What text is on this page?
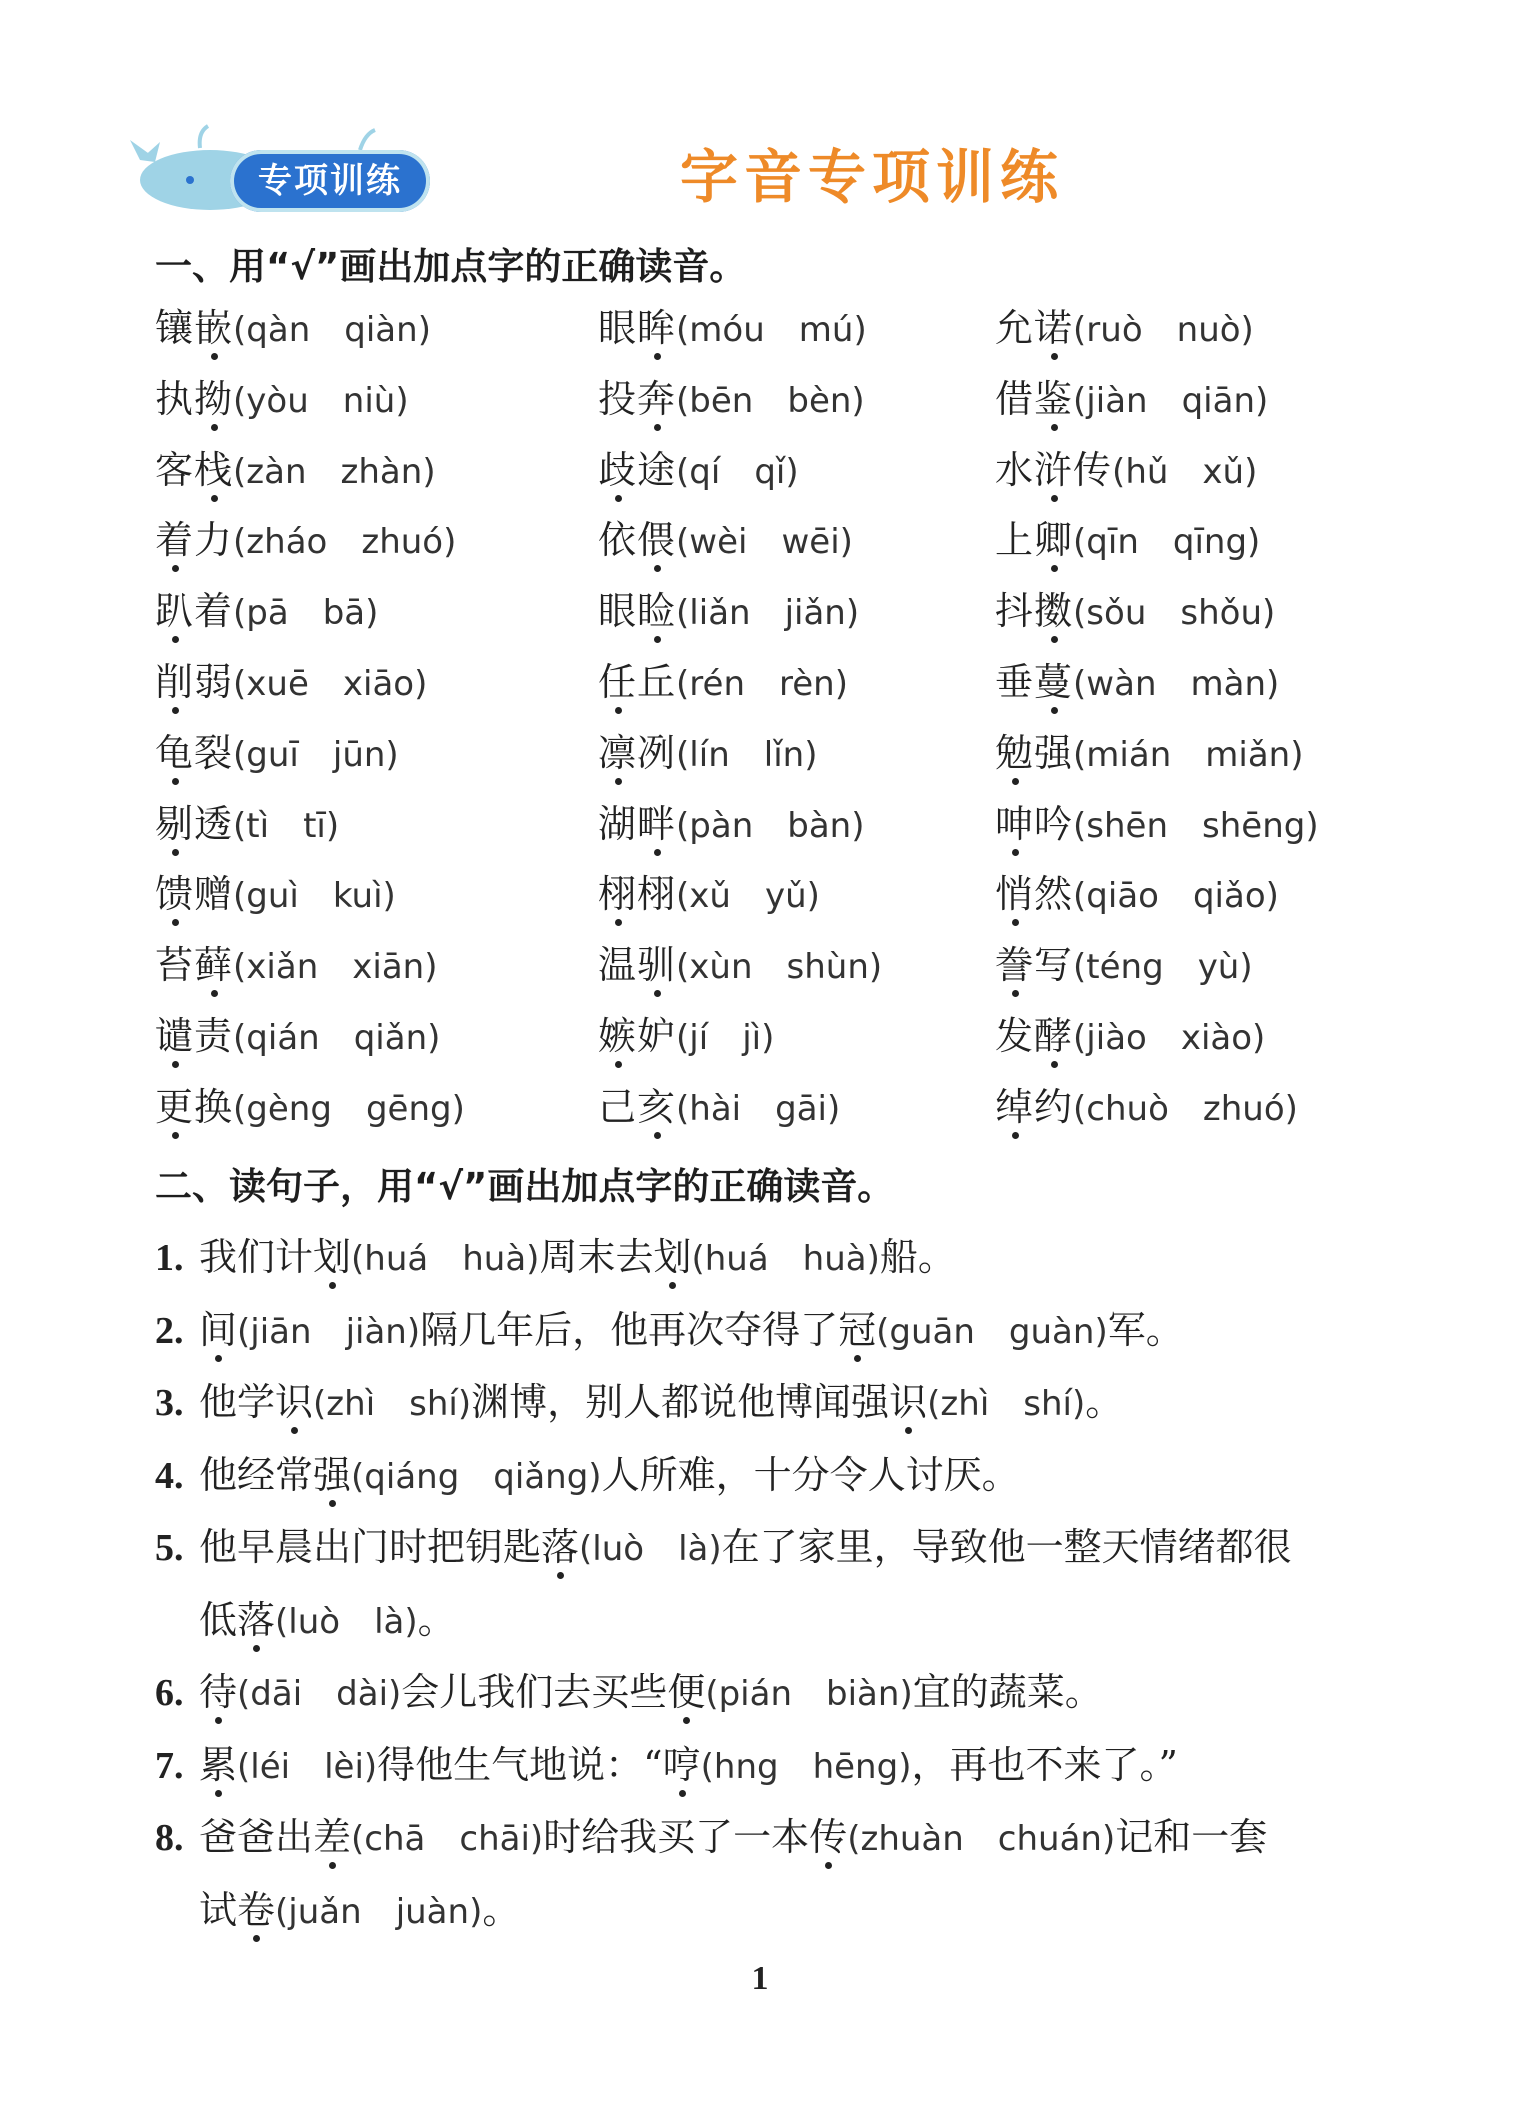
专项训练	字音专项训练
一、用“√”画出加点字的正确读音。
镶嵌(qàn qiàn)	眼眸(móu mú)	允诺(ruò nuò)
执拗(yòu niù)	投奔(bēn bèn)	借鉴(jiàn qiān)
客栈(zàn zhàn)	歧途(qí qǐ)	水浒传(hǔ xǔ)
着力(zháo zhuó)	依偎(wèi wēi)	上卿(qīn qīng)
趴着(pā bā)	眼睑(liǎn jiǎn)	抖擞(sǒu shǒu)
削弱(xuē xiāo)	任丘(rén rèn)	垂蔓(wàn màn)
龟裂(guī jūn)	凛冽(lín lǐn)	勉强(mián miǎn)
剔透(tì tī)	湖畔(pàn bàn)	呻吟(shēn shēng)
馈赠(guì kuì)	栩栩(xǔ yǔ)	悄然(qiāo qiǎo)
苔藓(xiǎn xiān)	温驯(xùn shùn)	誊写(téng yù)
谴责(qián qiǎn)	嫉妒(jí jì)	发酵(jiào xiào)
更换(gèng gēng)	己亥(hài gāi)	绰约(chuò zhuó)
二、读句子，用“√”画出加点字的正确读音。
1. 我们计划(huá huà)周末去划(huá huà)船。
2. 间(jiān jiàn)隔几年后，他再次夺得了冠(guān guàn)军。
3. 他学识(zhì shí)渊博，别人都说他博闻强识(zhì shí)。
4. 他经常强(qiáng qiǎng)人所难，十分令人讨厌。
5. 他早晨出门时把钥匙落(luò là)在了家里，导致他一整天情绪都很
低落(luò là)。
6. 待(dāi dài)会儿我们去买些便(pián biàn)宜的蔬菜。
7. 累(léi lèi)得他生气地说：“哼(hng hēng)，再也不来了。”
8. 爸爸出差(chā chāi)时给我买了一本传(zhuàn chuán)记和一套
试卷(juǎn juàn)。
1
